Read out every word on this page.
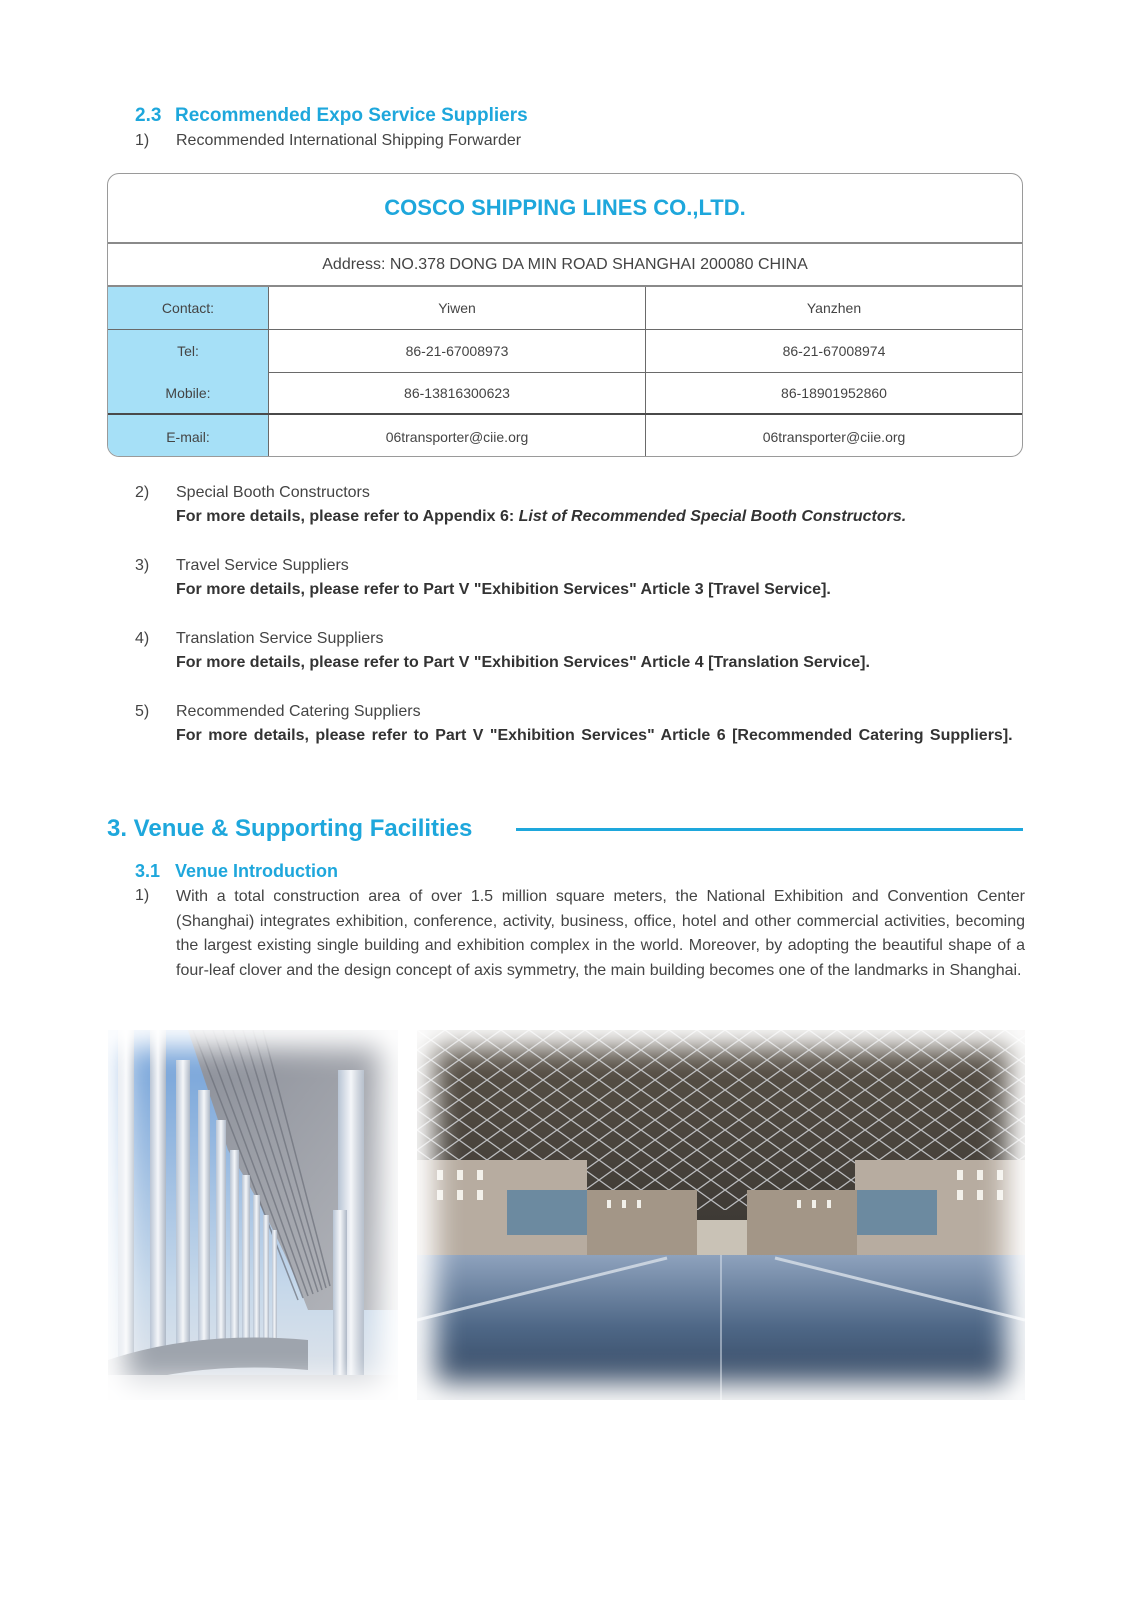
2.3 Recommended Expo Service Suppliers
1) Recommended International Shipping Forwarder
COSCO SHIPPING LINES CO.,LTD.
Address: NO.378 DONG DA MIN ROAD SHANGHAI 200080 CHINA
Contact:	Yiwen	Yanzhen
Tel:	86-21-67008973	86-21-67008974
Mobile:	86-13816300623	86-18901952860
E-mail:	06transporter@ciie.org	06transporter@ciie.org
2) Special Booth Constructors
For more details, please refer to Appendix 6: List of Recommended Special Booth Constructors.
3) Travel Service Suppliers
For more details, please refer to Part V "Exhibition Services" Article 3 [Travel Service].
4) Translation Service Suppliers
For more details, please refer to Part V "Exhibition Services" Article 4 [Translation Service].
5) Recommended Catering Suppliers
For more details, please refer to Part V "Exhibition Services" Article 6 [Recommended Catering Suppliers].
3. Venue & Supporting Facilities
3.1 Venue Introduction
1) With a total construction area of over 1.5 million square meters, the National Exhibition and Convention Center (Shanghai) integrates exhibition, conference, activity, business, office, hotel and other commercial activities, becoming the largest existing single building and exhibition complex in the world. Moreover, by adopting the beautiful shape of a four-leaf clover and the design concept of axis symmetry, the main building becomes one of the landmarks in Shanghai.
